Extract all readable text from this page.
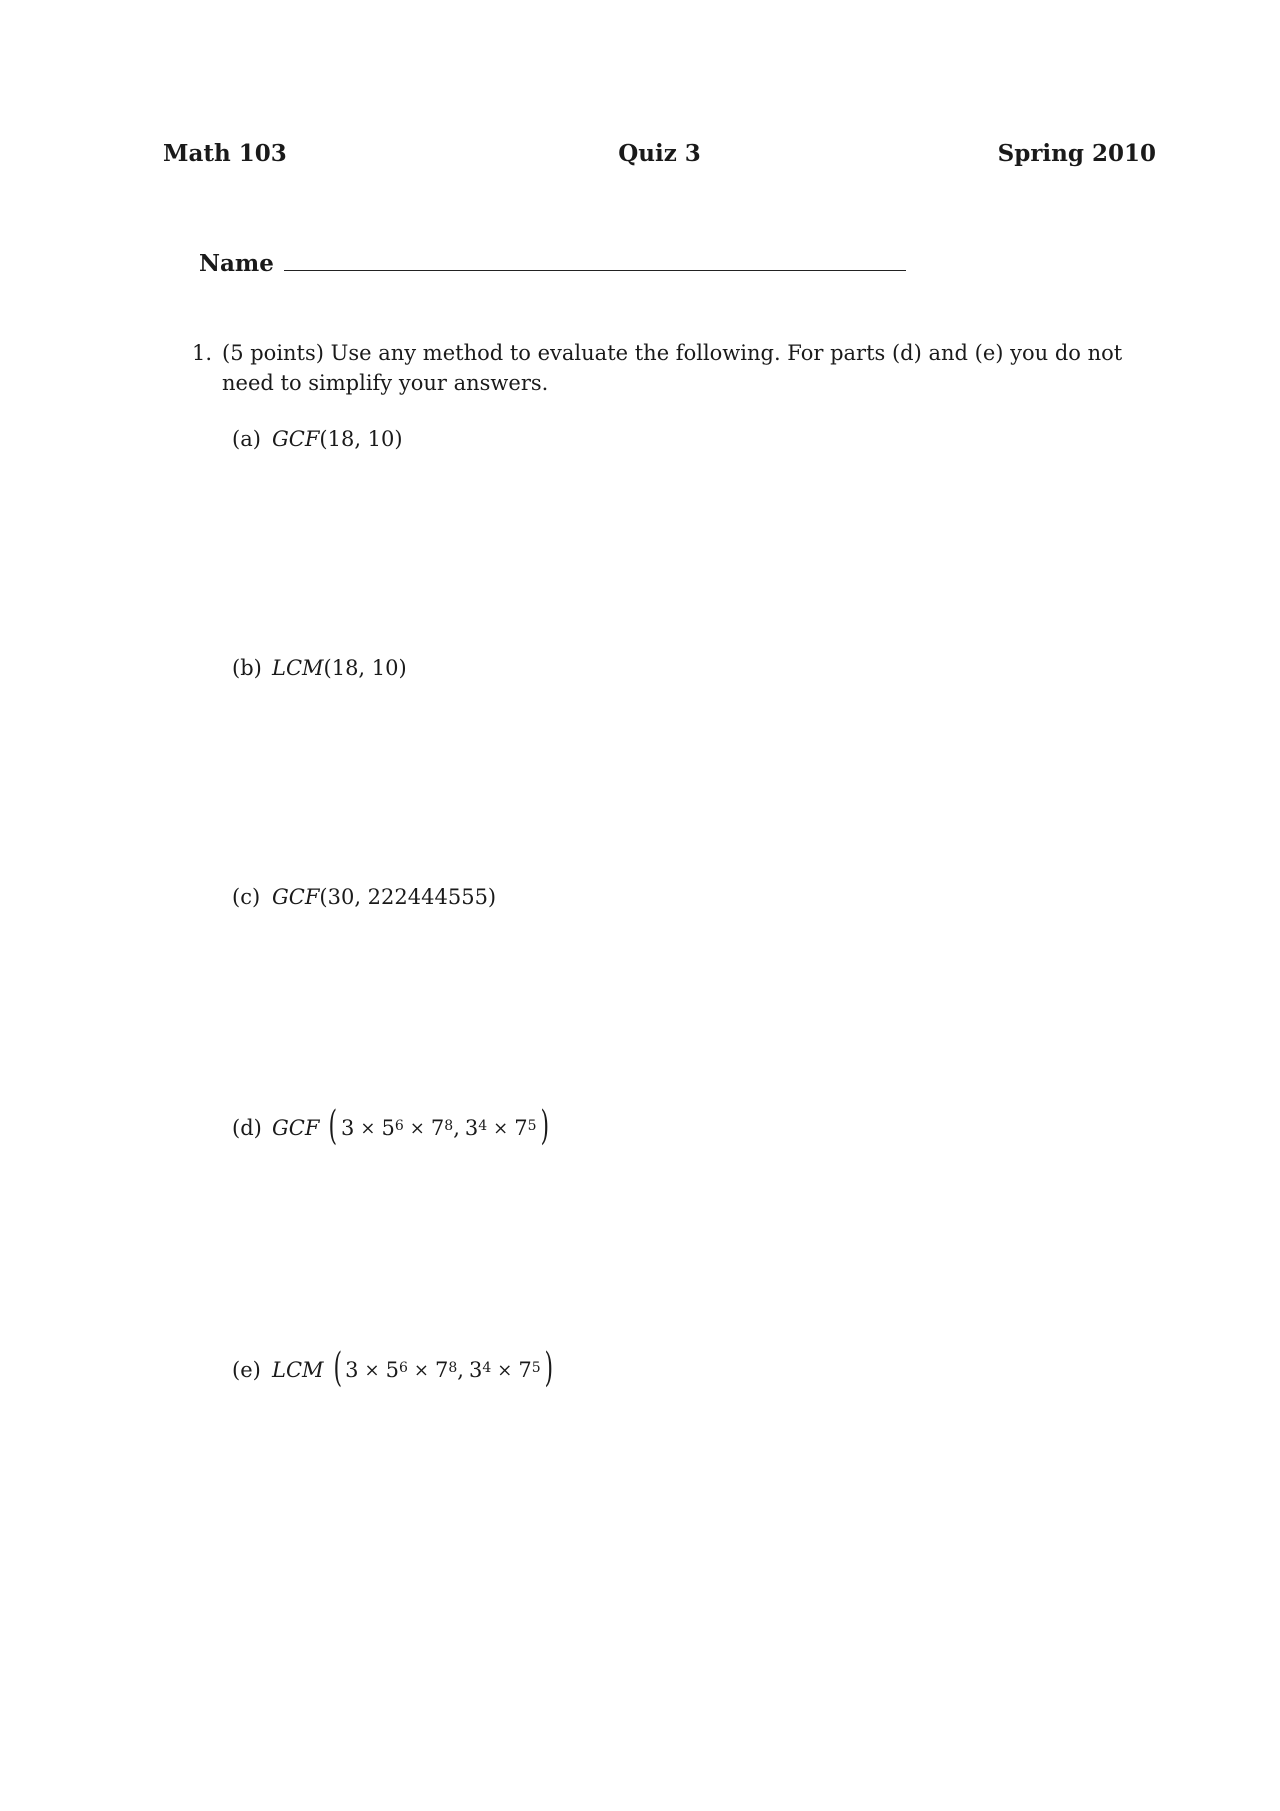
Math 103	Quiz 3	Spring 2010
Name
1. (5 points) Use any method to evaluate the following. For parts (d) and (e) you do not need to simplify your answers.
(a) GCF (18, 10)
(b) LCM (18, 10)
(c) GCF (30, 222444555)
(d) GCF ( $3 \times 5^6 \times 7^8$ , $3^4 \times 7^5$ )
(e) LCM ( $3 \times 5^6 \times 7^8$ , $3^4 \times 7^5$ )
